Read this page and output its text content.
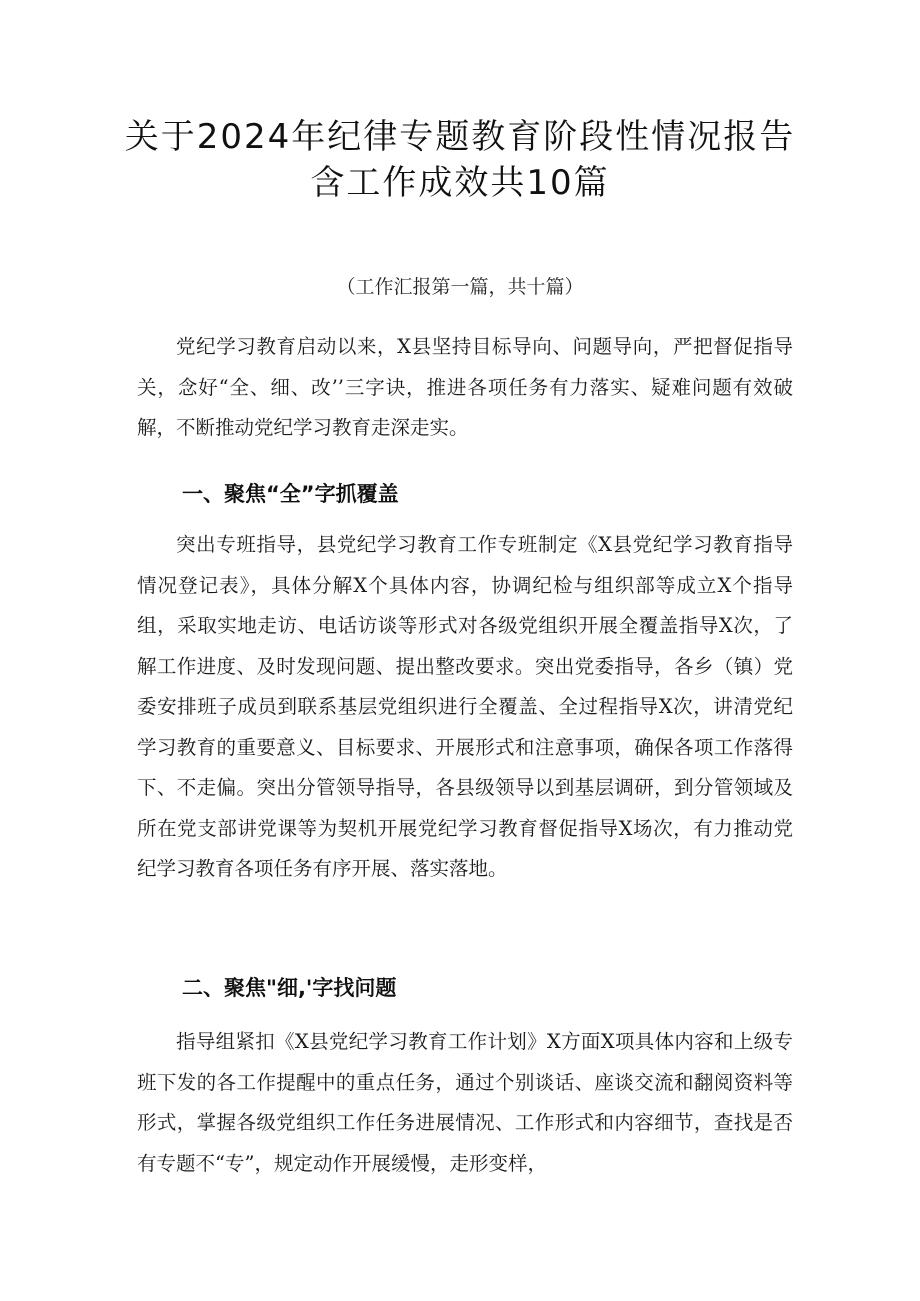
关于2024年纪律专题教育阶段性情况报告
含工作成效共10篇
（工作汇报第一篇，共十篇）

党纪学习教育启动以来，X县坚持目标导向、问题导向，严把督促指导关，念好“全、细、改’’三字诀，推进各项任务有力落实、疑难问题有效破解，不断推动党纪学习教育走深走实。

一、聚焦“全”字抓覆盖

突出专班指导，县党纪学习教育工作专班制定《X县党纪学习教育指导情况登记表》，具体分解X个具体内容，协调纪检与组织部等成立X个指导组，采取实地走访、电话访谈等形式对各级党组织开展全覆盖指导X次，了解工作进度、及时发现问题、提出整改要求。突出党委指导，各乡（镇）党委安排班子成员到联系基层党组织进行全覆盖、全过程指导X次，讲清党纪学习教育的重要意义、目标要求、开展形式和注意事项，确保各项工作落得下、不走偏。突出分管领导指导，各县级领导以到基层调研，到分管领域及所在党支部讲党课等为契机开展党纪学习教育督促指导X场次，有力推动党纪学习教育各项任务有序开展、落实落地。

二、聚焦"细,'字找问题

指导组紧扣《X县党纪学习教育工作计划》X方面X项具体内容和上级专班下发的各工作提醒中的重点任务，通过个别谈话、座谈交流和翻阅资料等形式，掌握各级党组织工作任务进展情况、工作形式和内容细节，查找是否有专题不“专”，规定动作开展缓慢，走形变样，
